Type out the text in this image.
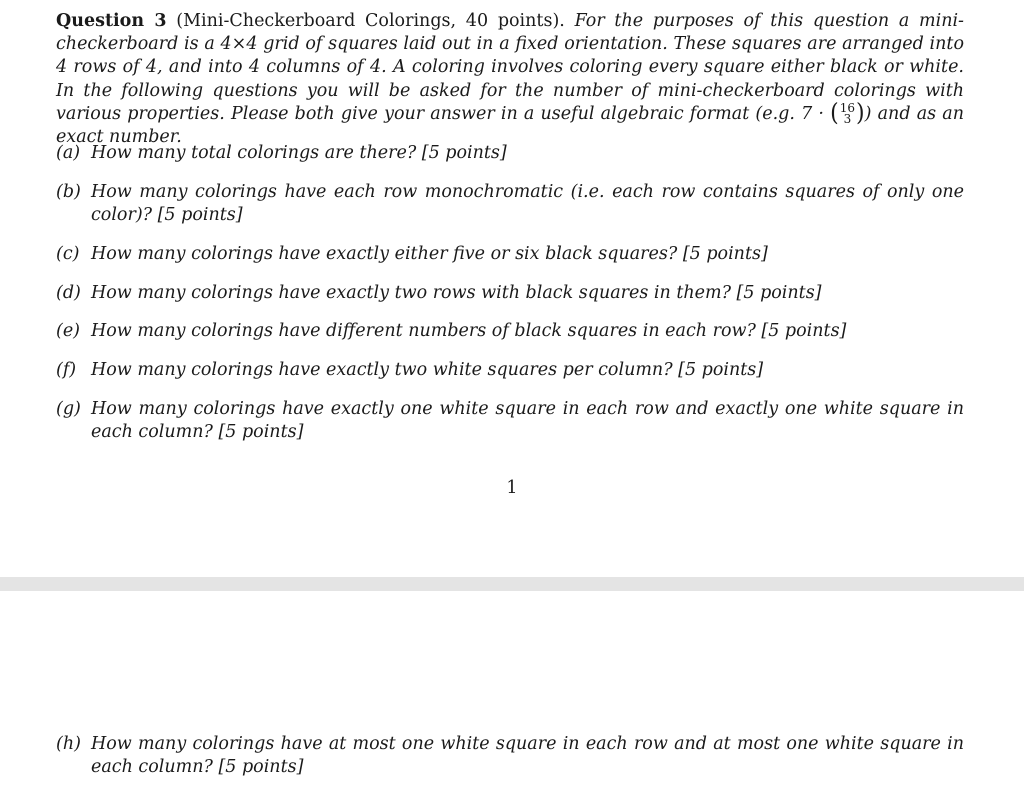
Question 3 (Mini-Checkerboard Colorings, 40 points). For the purposes of this question a mini-checkerboard is a 4×4 grid of squares laid out in a fixed orientation. These squares are arranged into 4 rows of 4, and into 4 columns of 4. A coloring involves coloring every square either black or white. In the following questions you will be asked for the number of mini-checkerboard colorings with various properties. Please both give your answer in a useful algebraic format (e.g. 7 · ( 16
3 )) and as an exact number.
(a) How many total colorings are there? [5 points]
(b) How many colorings have each row monochromatic (i.e. each row contains squares of only one color)? [5 points]
(c) How many colorings have exactly either five or six black squares? [5 points]
(d) How many colorings have exactly two rows with black squares in them? [5 points]
(e) How many colorings have different numbers of black squares in each row? [5 points]
(f) How many colorings have exactly two white squares per column? [5 points]
(g) How many colorings have exactly one white square in each row and exactly one white square in each column? [5 points]
1
(h) How many colorings have at most one white square in each row and at most one white square in each column? [5 points]
